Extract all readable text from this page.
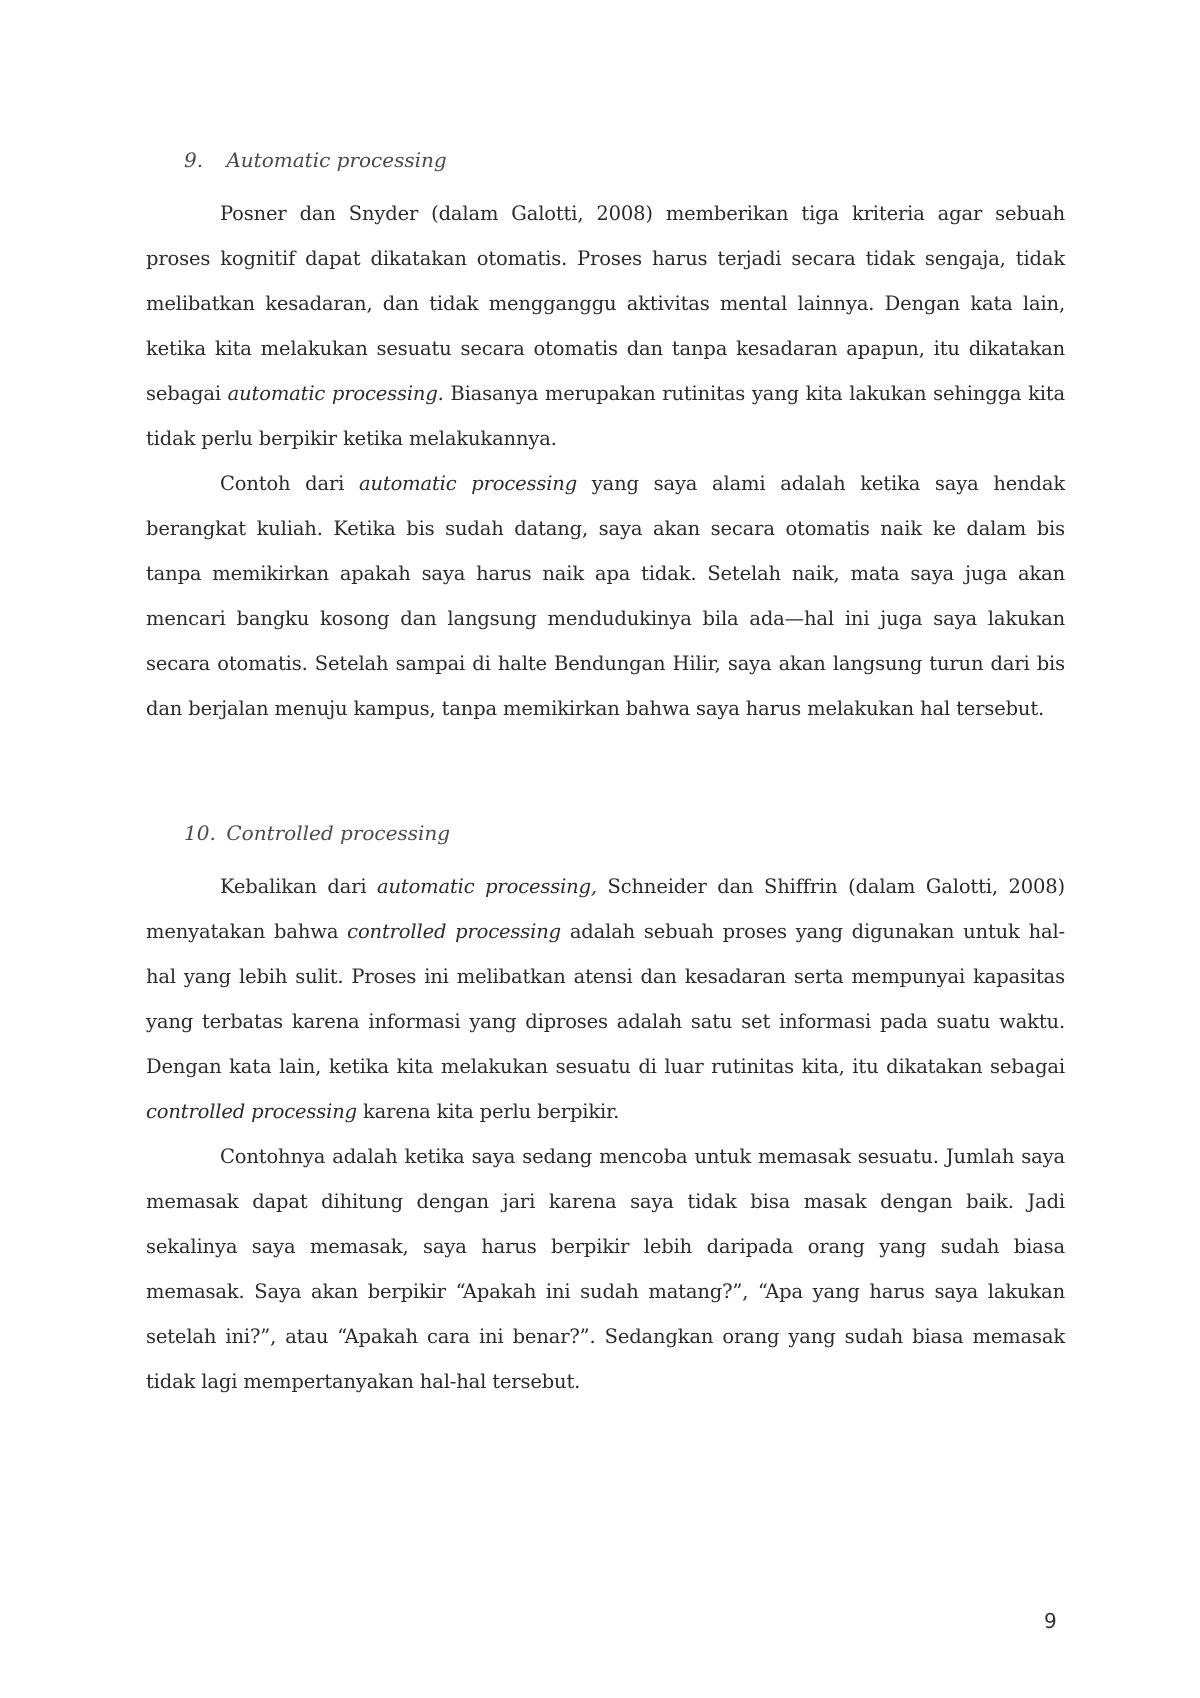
9. Automatic processing

Posner dan Snyder (dalam Galotti, 2008) memberikan tiga kriteria agar sebuah proses kognitif dapat dikatakan otomatis. Proses harus terjadi secara tidak sengaja, tidak melibatkan kesadaran, dan tidak mengganggu aktivitas mental lainnya. Dengan kata lain, ketika kita melakukan sesuatu secara otomatis dan tanpa kesadaran apapun, itu dikatakan sebagai automatic processing. Biasanya merupakan rutinitas yang kita lakukan sehingga kita tidak perlu berpikir ketika melakukannya.

Contoh dari automatic processing yang saya alami adalah ketika saya hendak berangkat kuliah. Ketika bis sudah datang, saya akan secara otomatis naik ke dalam bis tanpa memikirkan apakah saya harus naik apa tidak. Setelah naik, mata saya juga akan mencari bangku kosong dan langsung mendudukinya bila ada—hal ini juga saya lakukan secara otomatis. Setelah sampai di halte Bendungan Hilir, saya akan langsung turun dari bis dan berjalan menuju kampus, tanpa memikirkan bahwa saya harus melakukan hal tersebut.

10. Controlled processing

Kebalikan dari automatic processing, Schneider dan Shiffrin (dalam Galotti, 2008) menyatakan bahwa controlled processing adalah sebuah proses yang digunakan untuk hal-hal yang lebih sulit. Proses ini melibatkan atensi dan kesadaran serta mempunyai kapasitas yang terbatas karena informasi yang diproses adalah satu set informasi pada suatu waktu. Dengan kata lain, ketika kita melakukan sesuatu di luar rutinitas kita, itu dikatakan sebagai controlled processing karena kita perlu berpikir.

Contohnya adalah ketika saya sedang mencoba untuk memasak sesuatu. Jumlah saya memasak dapat dihitung dengan jari karena saya tidak bisa masak dengan baik. Jadi sekalinya saya memasak, saya harus berpikir lebih daripada orang yang sudah biasa memasak. Saya akan berpikir “Apakah ini sudah matang?”, “Apa yang harus saya lakukan setelah ini?”, atau “Apakah cara ini benar?”. Sedangkan orang yang sudah biasa memasak tidak lagi mempertanyakan hal-hal tersebut.

9
